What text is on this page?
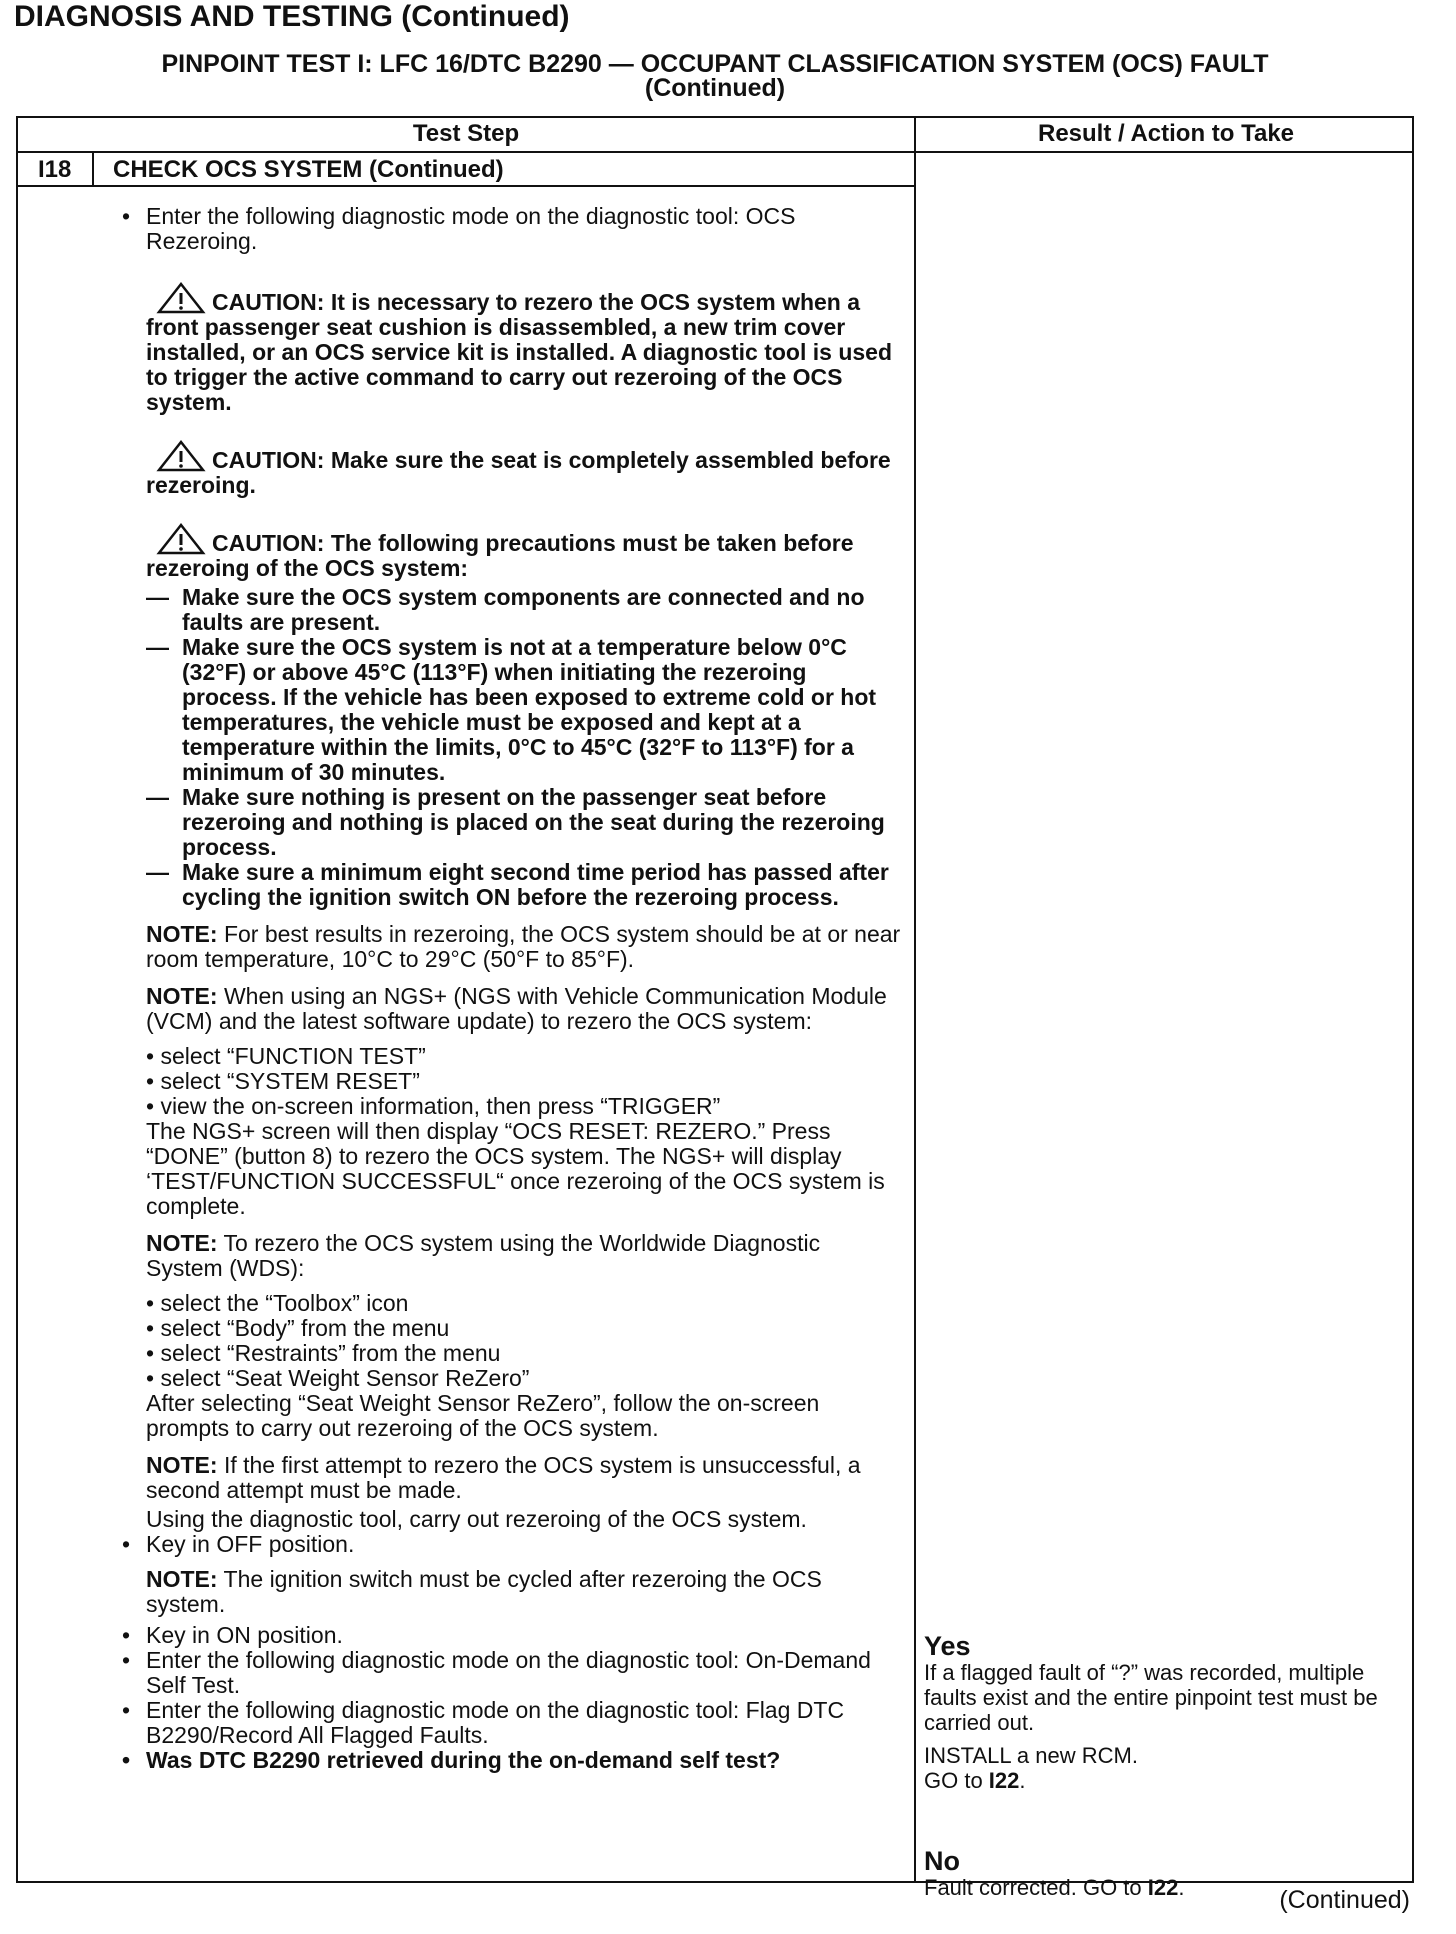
DIAGNOSIS AND TESTING (Continued)
PINPOINT TEST I: LFC 16/DTC B2290 — OCCUPANT CLASSIFICATION SYSTEM (OCS) FAULT
(Continued)
Test Step	Result / Action to Take
I18 CHECK OCS SYSTEM (Continued)
• Enter the following diagnostic mode on the diagnostic tool: OCS Rezeroing.
CAUTION: It is necessary to rezero the OCS system when a front passenger seat cushion is disassembled, a new trim cover installed, or an OCS service kit is installed. A diagnostic tool is used to trigger the active command to carry out rezeroing of the OCS system.
CAUTION: Make sure the seat is completely assembled before rezeroing.
CAUTION: The following precautions must be taken before rezeroing of the OCS system:
— Make sure the OCS system components are connected and no faults are present.
— Make sure the OCS system is not at a temperature below 0°C (32°F) or above 45°C (113°F) when initiating the rezeroing process. If the vehicle has been exposed to extreme cold or hot temperatures, the vehicle must be exposed and kept at a temperature within the limits, 0°C to 45°C (32°F to 113°F) for a minimum of 30 minutes.
— Make sure nothing is present on the passenger seat before rezeroing and nothing is placed on the seat during the rezeroing process.
— Make sure a minimum eight second time period has passed after cycling the ignition switch ON before the rezeroing process.
NOTE: For best results in rezeroing, the OCS system should be at or near room temperature, 10°C to 29°C (50°F to 85°F).
NOTE: When using an NGS+ (NGS with Vehicle Communication Module (VCM) and the latest software update) to rezero the OCS system:
• select “FUNCTION TEST”
• select “SYSTEM RESET”
• view the on-screen information, then press “TRIGGER”
The NGS+ screen will then display “OCS RESET: REZERO.” Press “DONE” (button 8) to rezero the OCS system. The NGS+ will display ‘TEST/FUNCTION SUCCESSFUL“ once rezeroing of the OCS system is complete.
NOTE: To rezero the OCS system using the Worldwide Diagnostic System (WDS):
• select the “Toolbox” icon
• select “Body” from the menu
• select “Restraints” from the menu
• select “Seat Weight Sensor ReZero”
After selecting “Seat Weight Sensor ReZero”, follow the on-screen prompts to carry out rezeroing of the OCS system.
NOTE: If the first attempt to rezero the OCS system is unsuccessful, a second attempt must be made.
Using the diagnostic tool, carry out rezeroing of the OCS system.
• Key in OFF position.
NOTE: The ignition switch must be cycled after rezeroing the OCS system.
• Key in ON position.
• Enter the following diagnostic mode on the diagnostic tool: On-Demand Self Test.
• Enter the following diagnostic mode on the diagnostic tool: Flag DTC B2290/Record All Flagged Faults.
• Was DTC B2290 retrieved during the on-demand self test?
Yes
If a flagged fault of “?” was recorded, multiple faults exist and the entire pinpoint test must be carried out.
INSTALL a new RCM.
GO to I22.
No
Fault corrected. GO to I22.	(Continued)
